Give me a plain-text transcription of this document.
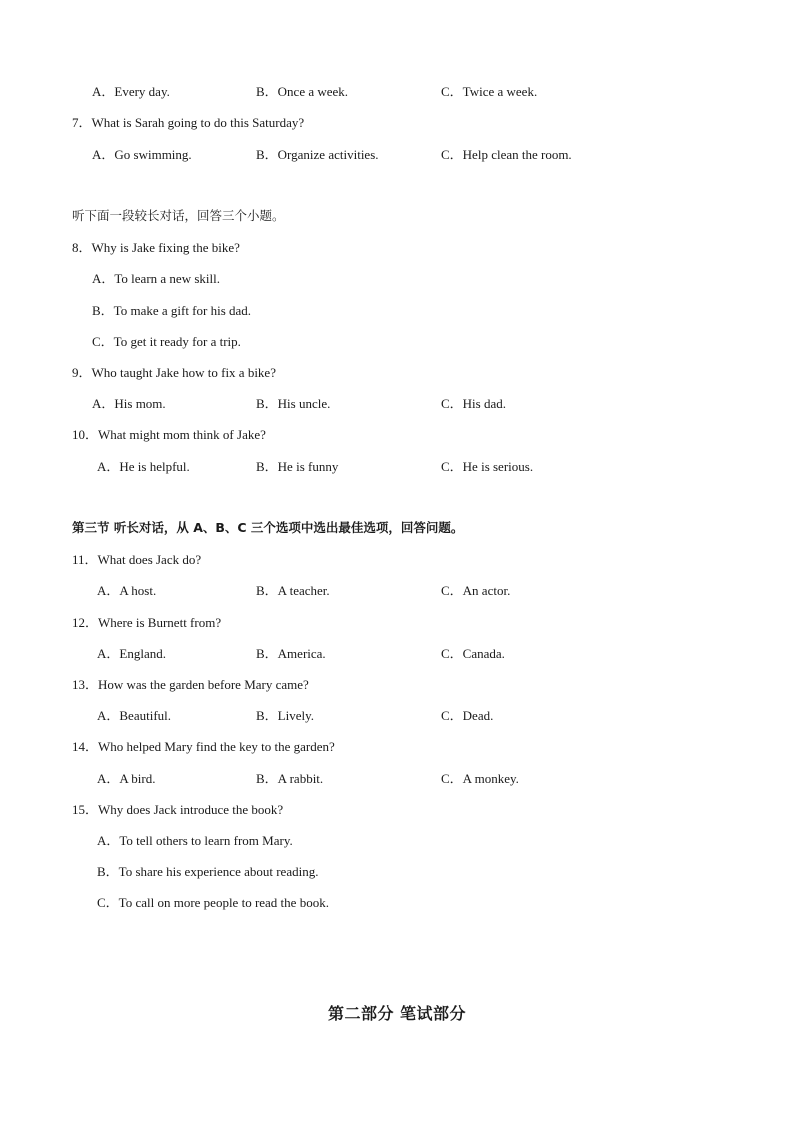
A．Every day.	B．Once a week.	C．Twice a week.
7．What is Sarah going to do this Saturday?
A．Go swimming.	B．Organize activities.	C．Help clean the room.
听下面一段较长对话，回答三个小题。
8．Why is Jake fixing the bike?
A．To learn a new skill.
B．To make a gift for his dad.
C．To get it ready for a trip.
9．Who taught Jake how to fix a bike?
A．His mom.	B．His uncle.	C．His dad.
10．What might mom think of Jake?
A．He is helpful.	B．He is funny	C．He is serious.
第三节 听长对话，从 A、B、C 三个选项中选出最佳选项，回答问题。
11．What does Jack do?
A．A host.	B．A teacher.	C．An actor.
12．Where is Burnett from?
A．England.	B．America.	C．Canada.
13．How was the garden before Mary came?
A．Beautiful.	B．Lively.	C．Dead.
14．Who helped Mary find the key to the garden?
A．A bird.	B．A rabbit.	C．A monkey.
15．Why does Jack introduce the book?
A．To tell others to learn from Mary.
B．To share his experience about reading.
C．To call on more people to read the book.
第二部分 笔试部分
